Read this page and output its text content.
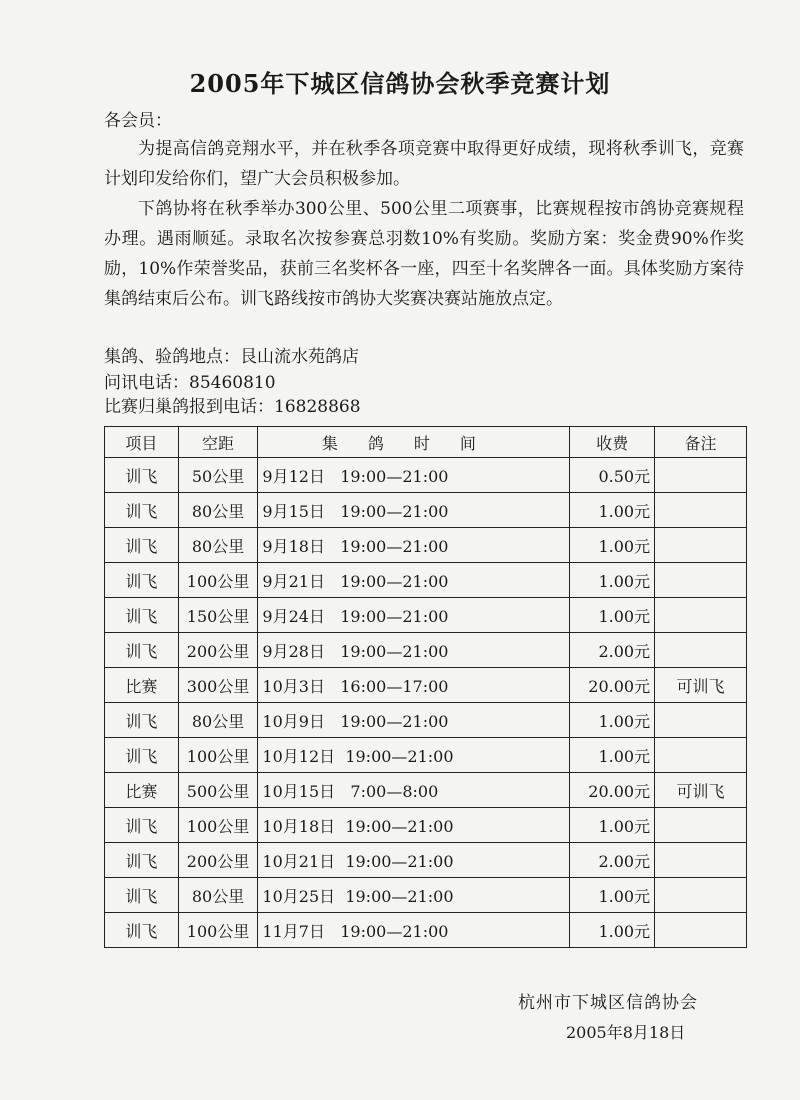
2005年下城区信鸽协会秋季竞赛计划
各会员：
为提高信鸽竞翔水平，并在秋季各项竞赛中取得更好成绩，现将秋季训飞，竞赛计划印发给你们，望广大会员积极参加。
下鸽协将在秋季举办300公里、500公里二项赛事，比赛规程按市鸽协竞赛规程办理。遇雨顺延。录取名次按参赛总羽数10%有奖励。奖励方案：奖金费90%作奖励，10%作荣誉奖品，获前三名奖杯各一座，四至十名奖牌各一面。具体奖励方案待集鸽结束后公布。训飞路线按市鸽协大奖赛决赛站施放点定。
集鸽、验鸽地点：艮山流水苑鸽店
问讯电话：85460810
比赛归巢鸽报到电话：16828868
项目	空距	集鸽时间	收费	备注
训飞	50公里	9月12日   19:00—21:00	0.50元	
训飞	80公里	9月15日   19:00—21:00	1.00元	
训飞	80公里	9月18日   19:00—21:00	1.00元	
训飞	100公里	9月21日   19:00—21:00	1.00元	
训飞	150公里	9月24日   19:00—21:00	1.00元	
训飞	200公里	9月28日   19:00—21:00	2.00元	
比赛	300公里	10月3日   16:00—17:00	20.00元	可训飞
训飞	80公里	10月9日   19:00—21:00	1.00元	
训飞	100公里	10月12日  19:00—21:00	1.00元	
比赛	500公里	10月15日   7:00—8:00	20.00元	可训飞
训飞	100公里	10月18日  19:00—21:00	1.00元	
训飞	200公里	10月21日  19:00—21:00	2.00元	
训飞	80公里	10月25日  19:00—21:00	1.00元	
训飞	100公里	11月7日   19:00—21:00	1.00元	
杭州市下城区信鸽协会
2005年8月18日
